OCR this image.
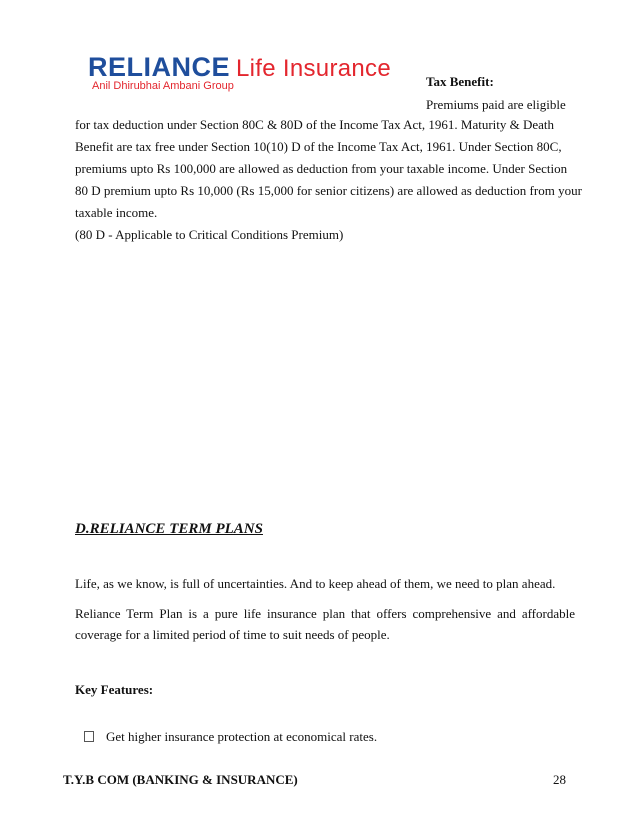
RELIANCE Life Insurance
Anil Dhirubhai Ambani Group	Tax Benefit:
Premiums paid are eligible
for tax deduction under Section 80C & 80D of the Income Tax Act, 1961. Maturity & Death
Benefit are tax free under Section 10(10) D of the Income Tax Act, 1961. Under Section 80C,
premiums upto Rs 100,000 are allowed as deduction from your taxable income. Under Section
80 D premium upto Rs 10,000 (Rs 15,000 for senior citizens) are allowed as deduction from your
taxable income.
(80 D - Applicable to Critical Conditions Premium)
D.RELIANCE TERM PLANS
Life, as we know, is full of uncertainties. And to keep ahead of them, we need to plan ahead.
Reliance Term Plan is a pure life insurance plan that offers comprehensive and affordable
coverage for a limited period of time to suit needs of people.
Key Features:
Get higher insurance protection at economical rates.
T.Y.B COM (BANKING & INSURANCE)	28
